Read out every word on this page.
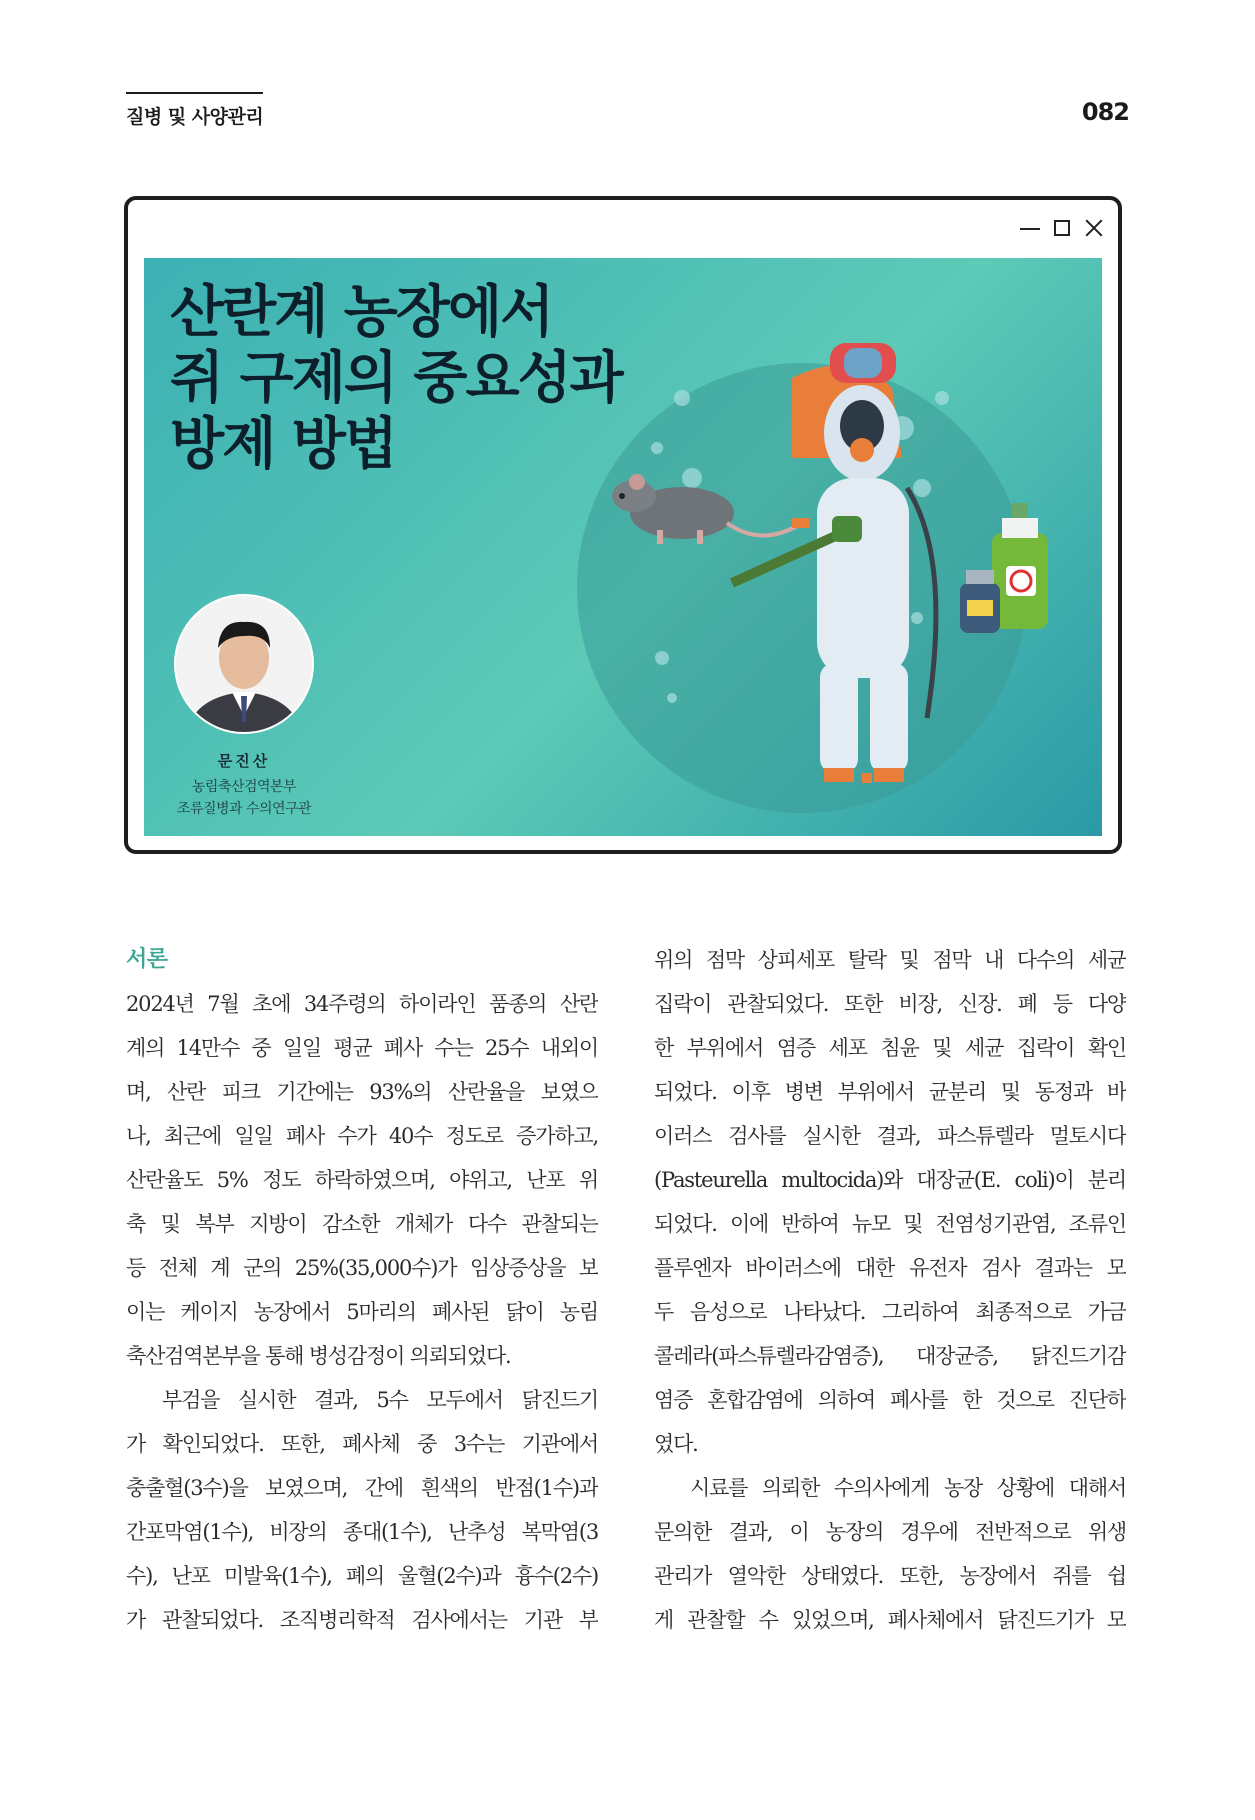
질병 및 사양관리	082
산란계 농장에서
쥐 구제의 중요성과
방제 방법
문진산
농림축산검역본부
조류질병과 수의연구관
서론

2024년 7월 초에 34주령의 하이라인 품종의 산란
계의 14만수 중 일일 평균 폐사 수는 25수 내외이
며, 산란 피크 기간에는 93%의 산란율을 보였으
나, 최근에 일일 폐사 수가 40수 정도로 증가하고,
산란율도 5% 정도 하락하였으며, 야위고, 난포 위
축 및 복부 지방이 감소한 개체가 다수 관찰되는
등 전체 계 군의 25%(35,000수)가 임상증상을 보
이는 케이지 농장에서 5마리의 폐사된 닭이 농림
축산검역본부을 통해 병성감정이 의뢰되었다.

부검을 실시한 결과, 5수 모두에서 닭진드기
가 확인되었다. 또한, 폐사체 중 3수는 기관에서
충출혈(3수)을 보였으며, 간에 흰색의 반점(1수)과
간포막염(1수), 비장의 종대(1수), 난추성 복막염(3
수), 난포 미발육(1수), 폐의 울혈(2수)과 흉수(2수)
가 관찰되었다. 조직병리학적 검사에서는 기관 부

위의 점막 상피세포 탈락 및 점막 내 다수의 세균
집락이 관찰되었다. 또한 비장, 신장. 폐 등 다양
한 부위에서 염증 세포 침윤 및 세균 집락이 확인
되었다. 이후 병변 부위에서 균분리 및 동정과 바
이러스 검사를 실시한 결과, 파스튜렐라 멀토시다
(Pasteurella multocida)와 대장균(E. coli)이 분리
되었다. 이에 반하여 뉴모 및 전염성기관염, 조류인
플루엔자 바이러스에 대한 유전자 검사 결과는 모
두 음성으로 나타났다. 그리하여 최종적으로 가금
콜레라(파스튜렐라감염증), 대장균증, 닭진드기감
염증 혼합감염에 의하여 폐사를 한 것으로 진단하
였다.

시료를 의뢰한 수의사에게 농장 상황에 대해서
문의한 결과, 이 농장의 경우에 전반적으로 위생
관리가 열악한 상태였다. 또한, 농장에서 쥐를 쉽
게 관찰할 수 있었으며, 폐사체에서 닭진드기가 모
